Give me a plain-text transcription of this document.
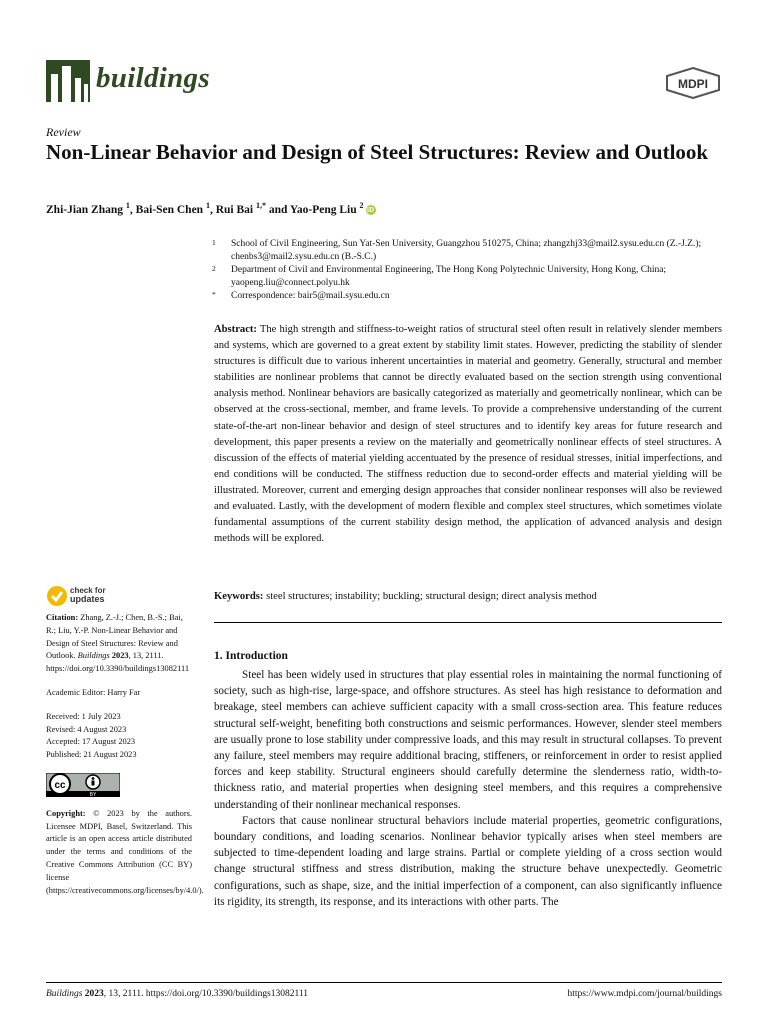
buildings	MDPI
Review
Non-Linear Behavior and Design of Steel Structures: Review and Outlook
Zhi-Jian Zhang $^1$, Bai-Sen Chen $^1$, Rui Bai $^{1,*}$ and Yao-Peng Liu $^2$ iD
1 School of Civil Engineering, Sun Yat-Sen University, Guangzhou 510275, China; zhangzhj33@mail2.sysu.edu.cn (Z.-J.Z.); chenbs3@mail2.sysu.edu.cn (B.-S.C.)
2 Department of Civil and Environmental Engineering, The Hong Kong Polytechnic University, Hong Kong, China; yaopeng.liu@connect.polyu.hk
* Correspondence: bair5@mail.sysu.edu.cn
Abstract: The high strength and stiffness-to-weight ratios of structural steel often result in relatively slender members and systems, which are governed to a great extent by stability limit states. However, predicting the stability of slender structures is difficult due to various inherent uncertainties in material and geometry. Generally, structural and member stabilities are nonlinear problems that cannot be directly evaluated based on the section strength using conventional analysis method. Nonlinear behaviors are basically categorized as materially and geometrically nonlinear, which can be observed at the cross-sectional, member, and frame levels. To provide a comprehensive understanding of the current state-of-the-art non-linear behavior and design of steel structures and to identify key areas for future research and development, this paper presents a review on the materially and geometrically nonlinear effects of steel structures. A discussion of the effects of material yielding accentuated by the presence of residual stresses, initial imperfections, and end conditions will be conducted. The stiffness reduction due to second-order effects and material yielding will be illustrated. Moreover, current and emerging design approaches that consider nonlinear responses will also be reviewed and evaluated. Lastly, with the development of modern flexible and complex steel structures, which sometimes violate fundamental assumptions of the current stability design method, the application of advanced analysis and design methods will be explored.
Keywords: steel structures; instability; buckling; structural design; direct analysis method
check for
updates

Citation: Zhang, Z.-J.; Chen, B.-S.; Bai, R.; Liu, Y.-P. Non-Linear Behavior and Design of Steel Structures: Review and Outlook. Buildings 2023, 13, 2111. https://doi.org/10.3390/buildings13082111

Academic Editor: Harry Far

Received: 1 July 2023

Revised: 4 August 2023

Accepted: 17 August 2023

Published: 21 August 2023

cc
BY

Copyright: © 2023 by the authors. Licensee MDPI, Basel, Switzerland. This article is an open access article distributed under the terms and conditions of the Creative Commons Attribution (CC BY) license (https://creativecommons.org/licenses/by/4.0/).

1. Introduction

Steel has been widely used in structures that play essential roles in maintaining the normal functioning of society, such as high-rise, large-space, and offshore structures. As steel has high resistance to deformation and breakage, steel members can achieve sufficient capacity with a small cross-section area. This feature reduces structural self-weight, benefiting both constructions and seismic performances. However, slender steel members are usually prone to lose stability under compressive loads, and this may result in structural collapses. To prevent any failure, steel members may require additional bracing, stiffeners, or reinforcement in order to resist applied forces and keep stability. Structural engineers should carefully determine the slenderness ratio, width-to-thickness ratio, and material properties when designing steel members, and this requires a comprehensive understanding of their nonlinear mechanical responses.

Factors that cause nonlinear structural behaviors include material properties, geometric configurations, boundary conditions, and loading scenarios. Nonlinear behavior typically arises when steel members are subjected to time-dependent loading and large strains. Partial or complete yielding of a cross section would change structural stiffness and stress distribution, making the structure behave unexpectedly. Geometric configurations, such as shape, size, and the initial imperfection of a component, can also significantly influence its rigidity, its strength, its response, and its interactions with other parts. The

Buildings 2023, 13, 2111. https://doi.org/10.3390/buildings13082111	https://www.mdpi.com/journal/buildings
